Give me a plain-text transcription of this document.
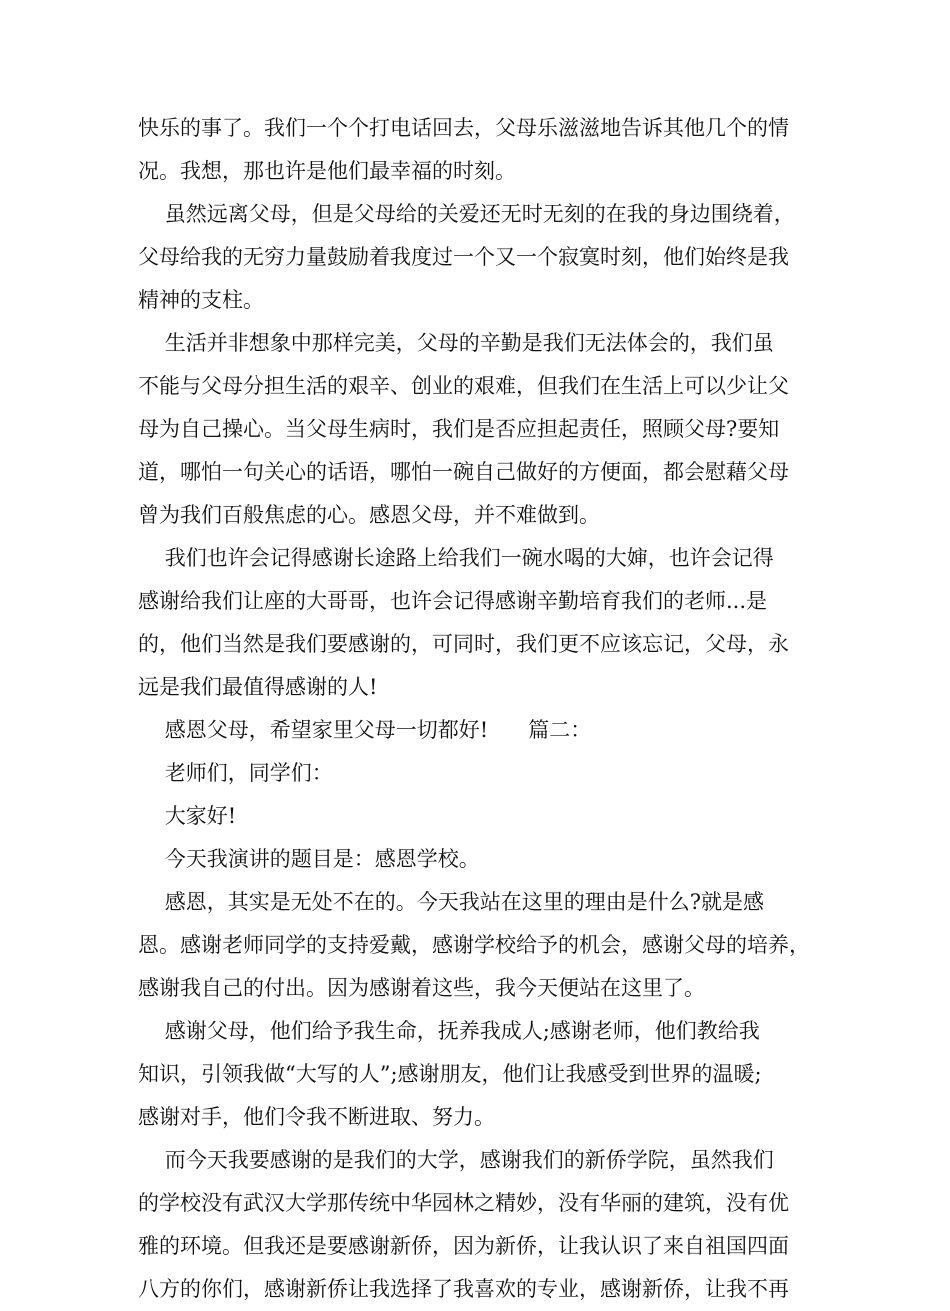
快乐的事了。我们一个个打电话回去，父母乐滋滋地告诉其他几个的情
况。我想，那也许是他们最幸福的时刻。
虽然远离父母，但是父母给的关爱还无时无刻的在我的身边围绕着，
父母给我的无穷力量鼓励着我度过一个又一个寂寞时刻，他们始终是我
精神的支柱。
生活并非想象中那样完美，父母的辛勤是我们无法体会的，我们虽
不能与父母分担生活的艰辛、创业的艰难，但我们在生活上可以少让父
母为自己操心。当父母生病时，我们是否应担起责任，照顾父母?要知
道，哪怕一句关心的话语，哪怕一碗自己做好的方便面，都会慰藉父母
曾为我们百般焦虑的心。感恩父母，并不难做到。
我们也许会记得感谢长途路上给我们一碗水喝的大婶，也许会记得
感谢给我们让座的大哥哥，也许会记得感谢辛勤培育我们的老师...是
的，他们当然是我们要感谢的，可同时，我们更不应该忘记，父母，永
远是我们最值得感谢的人!
感恩父母，希望家里父母一切都好!      篇二：
老师们，同学们：
大家好!
今天我演讲的题目是：感恩学校。
感恩，其实是无处不在的。今天我站在这里的理由是什么?就是感
恩。感谢老师同学的支持爱戴，感谢学校给予的机会，感谢父母的培养，
感谢我自己的付出。因为感谢着这些，我今天便站在这里了。
感谢父母，他们给予我生命，抚养我成人;感谢老师，他们教给我
知识，引领我做“大写的人”;感谢朋友，他们让我感受到世界的温暖;
感谢对手，他们令我不断进取、努力。
而今天我要感谢的是我们的大学，感谢我们的新侨学院，虽然我们
的学校没有武汉大学那传统中华园林之精妙，没有华丽的建筑，没有优
雅的环境。但我还是要感谢新侨，因为新侨，让我认识了来自祖国四面
八方的你们，感谢新侨让我选择了我喜欢的专业，感谢新侨，让我不再
